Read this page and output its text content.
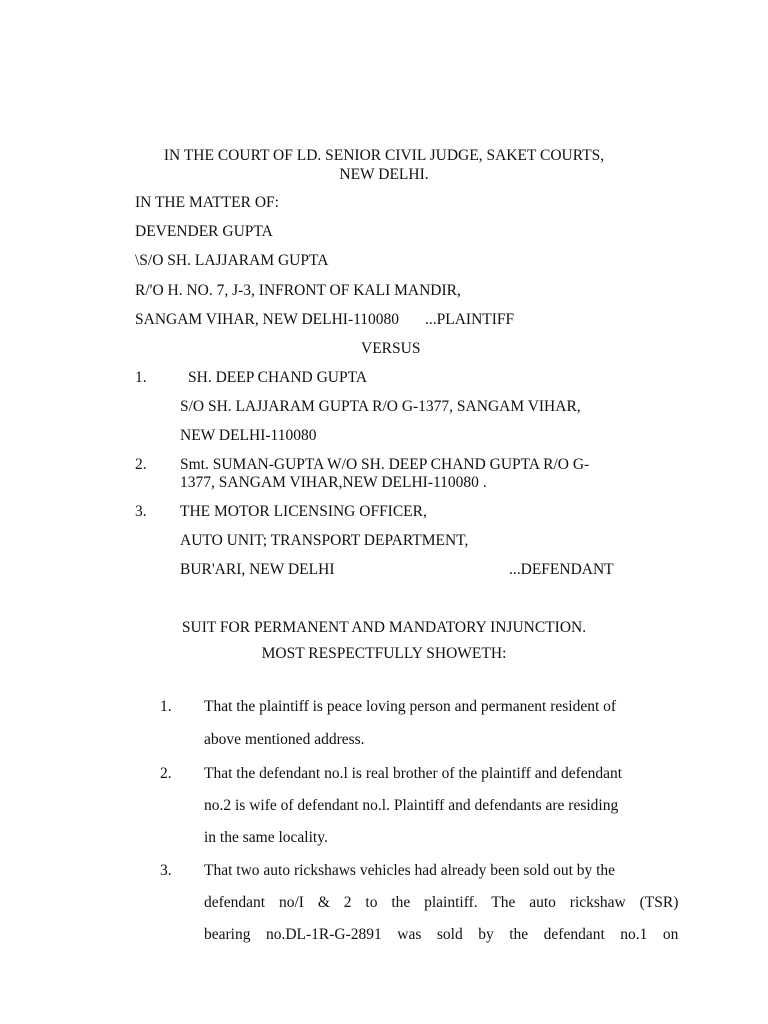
IN THE COURT OF LD. SENIOR CIVIL JUDGE, SAKET COURTS,
NEW DELHI.
IN THE MATTER OF:
DEVENDER GUPTA
\S/O SH. LAJJARAM GUPTA
R/'O H. NO. 7, J-3, INFRONT OF KALI MANDIR,
SANGAM VIHAR, NEW DELHI-110080 ...PLAINTIFF
VERSUS
1.	SH. DEEP CHAND GUPTA
S/O SH. LAJJARAM GUPTA R/O G-1377, SANGAM VIHAR,
NEW DELHI-110080
2. Smt. SUMAN-GUPTA W/O SH. DEEP CHAND GUPTA R/O G-
1377, SANGAM VIHAR,NEW DELHI-110080 .
3. THE MOTOR LICENSING OFFICER,
AUTO UNIT; TRANSPORT DEPARTMENT,
BUR'ARI, NEW DELHI	...DEFENDANT
SUIT FOR PERMANENT AND MANDATORY INJUNCTION.
MOST RESPECTFULLY SHOWETH:
1. That the plaintiff is peace loving person and permanent resident of
above mentioned address.
2. That the defendant no.l is real brother of the plaintiff and defendant
no.2 is wife of defendant no.l. Plaintiff and defendants are residing
in the same locality.
3. That two auto rickshaws vehicles had already been sold out by the
defendant no/I & 2 to the plaintiff. The auto rickshaw (TSR)
bearing no.DL-1R-G-2891 was sold by the defendant no.1 on
